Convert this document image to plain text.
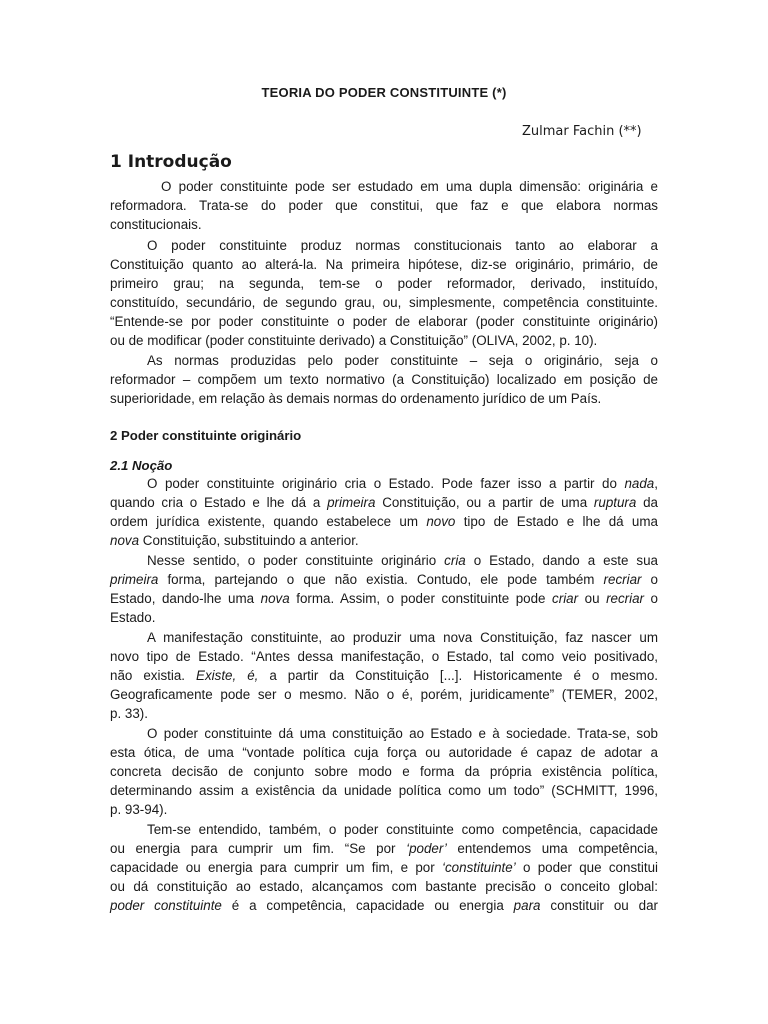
TEORIA DO PODER CONSTITUINTE (*)
Zulmar Fachin (**)
1 Introdução
O poder constituinte pode ser estudado em uma dupla dimensão: originária e
reformadora. Trata-se do poder que constitui, que faz e que elabora normas
constitucionais.
O poder constituinte produz normas constitucionais tanto ao elaborar a
Constituição quanto ao alterá-la. Na primeira hipótese, diz-se originário, primário, de
primeiro grau; na segunda, tem-se o poder reformador, derivado, instituído,
constituído, secundário, de segundo grau, ou, simplesmente, competência constituinte.
“Entende-se por poder constituinte o poder de elaborar (poder constituinte originário)
ou de modificar (poder constituinte derivado) a Constituição” (OLIVA, 2002, p. 10).
As normas produzidas pelo poder constituinte – seja o originário, seja o
reformador – compõem um texto normativo (a Constituição) localizado em posição de
superioridade, em relação às demais normas do ordenamento jurídico de um País.
2 Poder constituinte originário
2.1 Noção
O poder constituinte originário cria o Estado. Pode fazer isso a partir do nada,
quando cria o Estado e lhe dá a primeira Constituição, ou a partir de uma ruptura da
ordem jurídica existente, quando estabelece um novo tipo de Estado e lhe dá uma
nova Constituição, substituindo a anterior.
Nesse sentido, o poder constituinte originário cria o Estado, dando a este sua
primeira forma, partejando o que não existia. Contudo, ele pode também recriar o
Estado, dando-lhe uma nova forma. Assim, o poder constituinte pode criar ou recriar o
Estado.
A manifestação constituinte, ao produzir uma nova Constituição, faz nascer um
novo tipo de Estado. “Antes dessa manifestação, o Estado, tal como veio positivado,
não existia. Existe, é, a partir da Constituição [...]. Historicamente é o mesmo.
Geograficamente pode ser o mesmo. Não o é, porém, juridicamente” (TEMER, 2002,
p. 33).
O poder constituinte dá uma constituição ao Estado e à sociedade. Trata-se, sob
esta ótica, de uma “vontade política cuja força ou autoridade é capaz de adotar a
concreta decisão de conjunto sobre modo e forma da própria existência política,
determinando assim a existência da unidade política como um todo” (SCHMITT, 1996,
p. 93-94).
Tem-se entendido, também, o poder constituinte como competência, capacidade
ou energia para cumprir um fim. “Se por ‘poder’ entendemos uma competência,
capacidade ou energia para cumprir um fim, e por ‘constituinte’ o poder que constitui
ou dá constituição ao estado, alcançamos com bastante precisão o conceito global:
poder constituinte é a competência, capacidade ou energia para constituir ou dar
